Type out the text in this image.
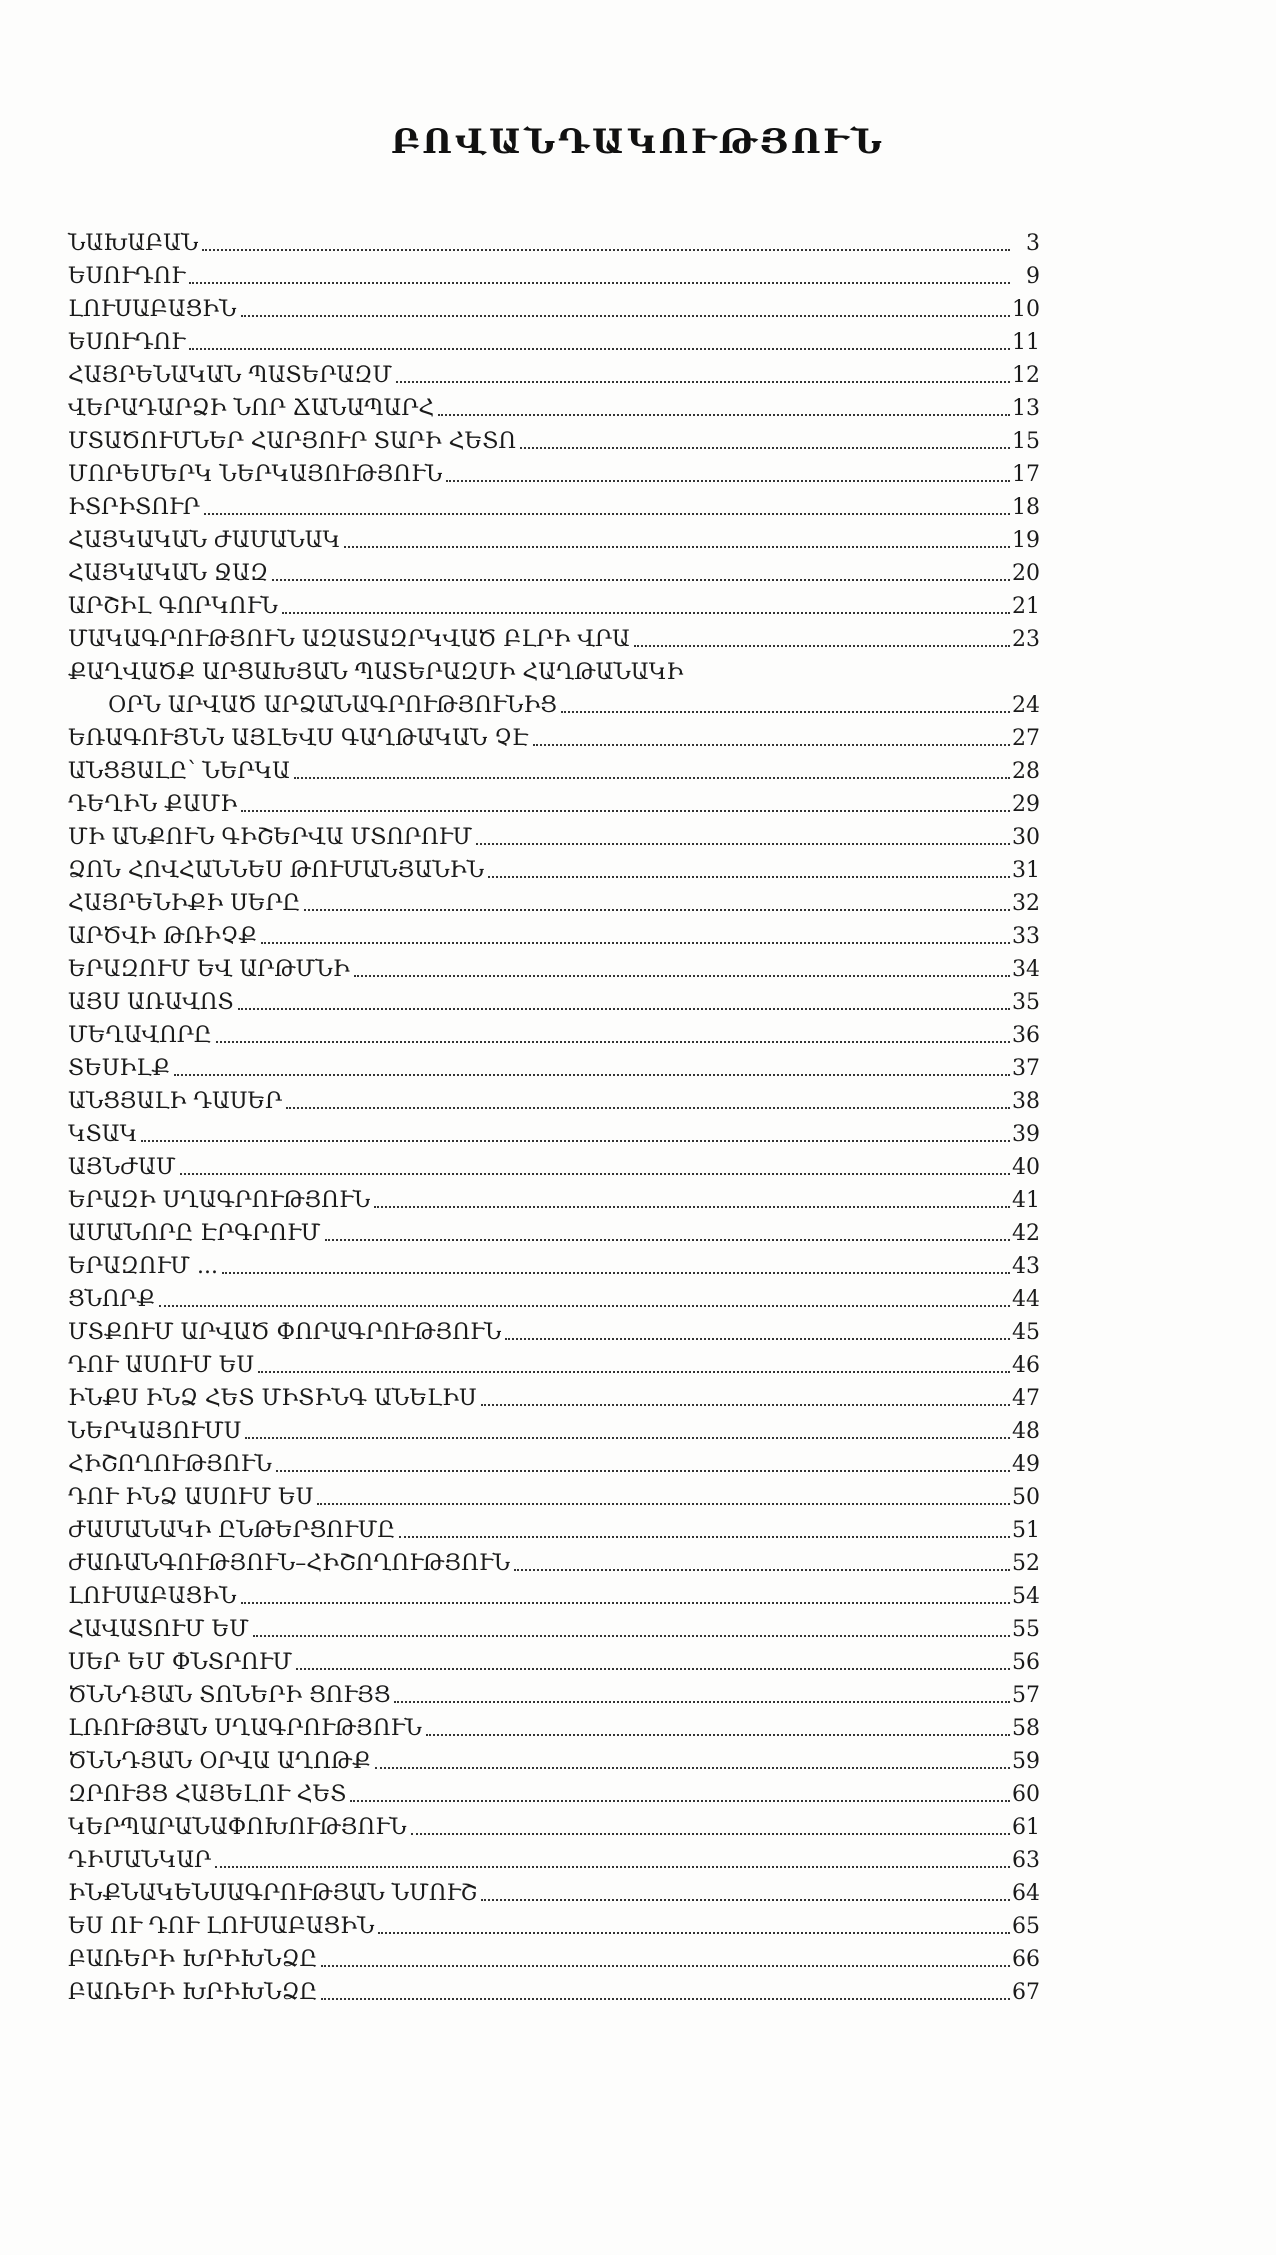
ԲՈՎԱՆԴԱԿՈՒԹՅՈՒՆ
ՆԱԽԱԲԱՆ	3
ԵՍՈՒԴՈՒ	9
ԼՈՒՍԱԲԱՑԻՆ	10
ԵՍՈՒԴՈՒ	11
ՀԱՅՐԵՆԱԿԱՆ ՊԱՏԵՐԱԶՄ	12
ՎԵՐԱԴԱՐՁԻ ՆՈՐ ՃԱՆԱՊԱՐՀ	13
ՄՏԱԾՈՒՄՆԵՐ ՀԱՐՅՈՒՐ ՏԱՐԻ ՀԵՏՈ	15
ՄՈՐԵՄԵՐԿ ՆԵՐԿԱՅՈՒԹՅՈՒՆ	17
ԻՏՐԻՏՈՒՐ	18
ՀԱՅԿԱԿԱՆ ԺԱՄԱՆԱԿ	19
ՀԱՅԿԱԿԱՆ ՋԱԶ	20
ԱՐՇԻԼ ԳՈՐԿՈՒՆ	21
ՄԱԿԱԳՐՈՒԹՅՈՒՆ ԱԶԱՏԱԶՐԿՎԱԾ ԲԼՐԻ ՎՐԱ	23
ՔԱՂՎԱԾՔ ԱՐՑԱԽՅԱՆ ՊԱՏԵՐԱԶՄԻ ՀԱՂԹԱՆԱԿԻ
ՕՐՆ ԱՐՎԱԾ ԱՐՁԱՆԱԳՐՈՒԹՅՈՒՆԻՑ	24
ԵՌԱԳՈՒՅՆՆ ԱՅԼԵՎՍ ԳԱՂԹԱԿԱՆ ՉԷ	27
ԱՆՑՅԱԼԸ՝ ՆԵՐԿԱ	28
ԴԵՂԻՆ ՔԱՄԻ	29
ՄԻ ԱՆՔՈՒՆ ԳԻՇԵՐՎԱ ՄՏՈՐՈՒՄ	30
ՁՈՆ ՀՈՎՀԱՆՆԵՍ ԹՈՒՄԱՆՅԱՆԻՆ	31
ՀԱՅՐԵՆԻՔԻ ՍԵՐԸ	32
ԱՐԾՎԻ ԹՌԻՉՔ	33
ԵՐԱԶՈՒՄ ԵՎ ԱՐԹՄՆԻ	34
ԱՅՍ ԱՌԱՎՈՏ	35
ՄԵՂԱՎՈՐԸ	36
ՏԵՍԻԼՔ	37
ԱՆՑՅԱԼԻ ԴԱՍԵՐ	38
ԿՏԱԿ	39
ԱՅՆԺԱՄ	40
ԵՐԱԶԻ ՍՂԱԳՐՈՒԹՅՈՒՆ	41
ԱՄԱՆՈՐԸ ԷՐԳՐՈՒՄ	42
ԵՐԱԶՈՒՄ ...	43
ՑՆՈՐՔ	44
ՄՏՔՈՒՄ ԱՐՎԱԾ ՓՈՐԱԳՐՈՒԹՅՈՒՆ	45
ԴՈՒ ԱՍՈՒՄ ԵՍ	46
ԻՆՔՍ ԻՆՁ ՀԵՏ ՄԻՏԻՆԳ ԱՆԵԼԻՍ	47
ՆԵՐԿԱՅՈՒՄՍ	48
ՀԻՇՈՂՈՒԹՅՈՒՆ	49
ԴՈՒ ԻՆՁ ԱՍՈՒՄ ԵՍ	50
ԺԱՄԱՆԱԿԻ ԸՆԹԵՐՑՈՒՄԸ	51
ԺԱՌԱՆԳՈՒԹՅՈՒՆ–ՀԻՇՈՂՈՒԹՅՈՒՆ	52
ԼՈՒՍԱԲԱՑԻՆ	54
ՀԱՎԱՏՈՒՄ ԵՄ	55
ՍԵՐ ԵՄ ՓՆՏՐՈՒՄ	56
ԾՆՆԴՅԱՆ ՏՈՆԵՐԻ ՑՈՒՅՑ	57
ԼՌՈՒԹՅԱՆ ՍՂԱԳՐՈՒԹՅՈՒՆ	58
ԾՆՆԴՅԱՆ ՕՐՎԱ ԱՂՈԹՔ	59
ԶՐՈՒՅՑ ՀԱՅԵԼՈՒ ՀԵՏ	60
ԿԵՐՊԱՐԱՆԱՓՈԽՈՒԹՅՈՒՆ	61
ԴԻՄԱՆԿԱՐ	63
ԻՆՔՆԱԿԵՆՍԱԳՐՈՒԹՅԱՆ ՆՄՈՒՇ	64
ԵՍ ՈՒ ԴՈՒ ԼՈՒՍԱԲԱՑԻՆ	65
ԲԱՌԵՐԻ ԽՐԻԽՆՁԸ	66
ԲԱՌԵՐԻ ԽՐԻԽՆՁԸ	67
